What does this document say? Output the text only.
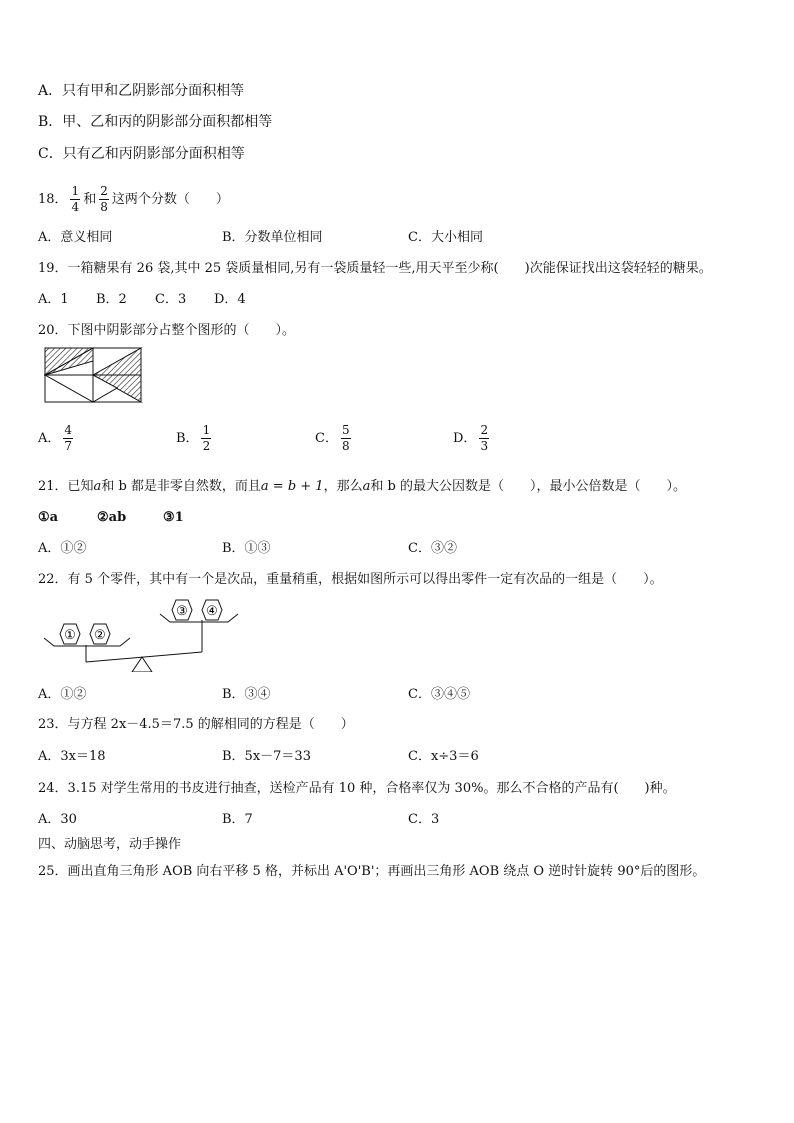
A．只有甲和乙阴影部分面积相等
B．甲、乙和丙的阴影部分面积都相等
C．只有乙和丙阴影部分面积相等
18． $\frac{1}{4}$ 和 $\frac{2}{8}$ 这两个分数（　　）
A．意义相同	B．分数单位相同	C．大小相同
19．一箱糖果有 26 袋,其中 25 袋质量相同,另有一袋质量轻一些,用天平至少称(　　)次能保证找出这袋轻轻的糖果。
A．1 B．2 C．3 D．4
20．下图中阴影部分占整个图形的（　　）。
A． $\frac{4}{7}$	B． $\frac{1}{2}$	C． $\frac{5}{8}$	D． $\frac{2}{3}$
21．已知a和 b 都是非零自然数，而且a = b + 1，那么a和 b 的最大公因数是（　　），最小公倍数是（　　）。
①a	②ab	③1
A．①②	B．①③	C．③②
22．有 5 个零件，其中有一个是次品，重量稍重，根据如图所示可以得出零件一定有次品的一组是（　　）。
① ②
③ ④
A．①②	B．③④	C．③④⑤
23．与方程 2x－4.5＝7.5 的解相同的方程是（　　）
A．3x＝18	B．5x－7＝33	C．x÷3＝6
24．3.15 对学生常用的书皮进行抽查，送检产品有 10 种，合格率仅为 30%。那么不合格的产品有(　　)种。
A．30	B．7	C．3
四、动脑思考，动手操作
25．画出直角三角形 AOB 向右平移 5 格，并标出 A'O'B'；再画出三角形 AOB 绕点 O 逆时针旋转 90°后的图形。
